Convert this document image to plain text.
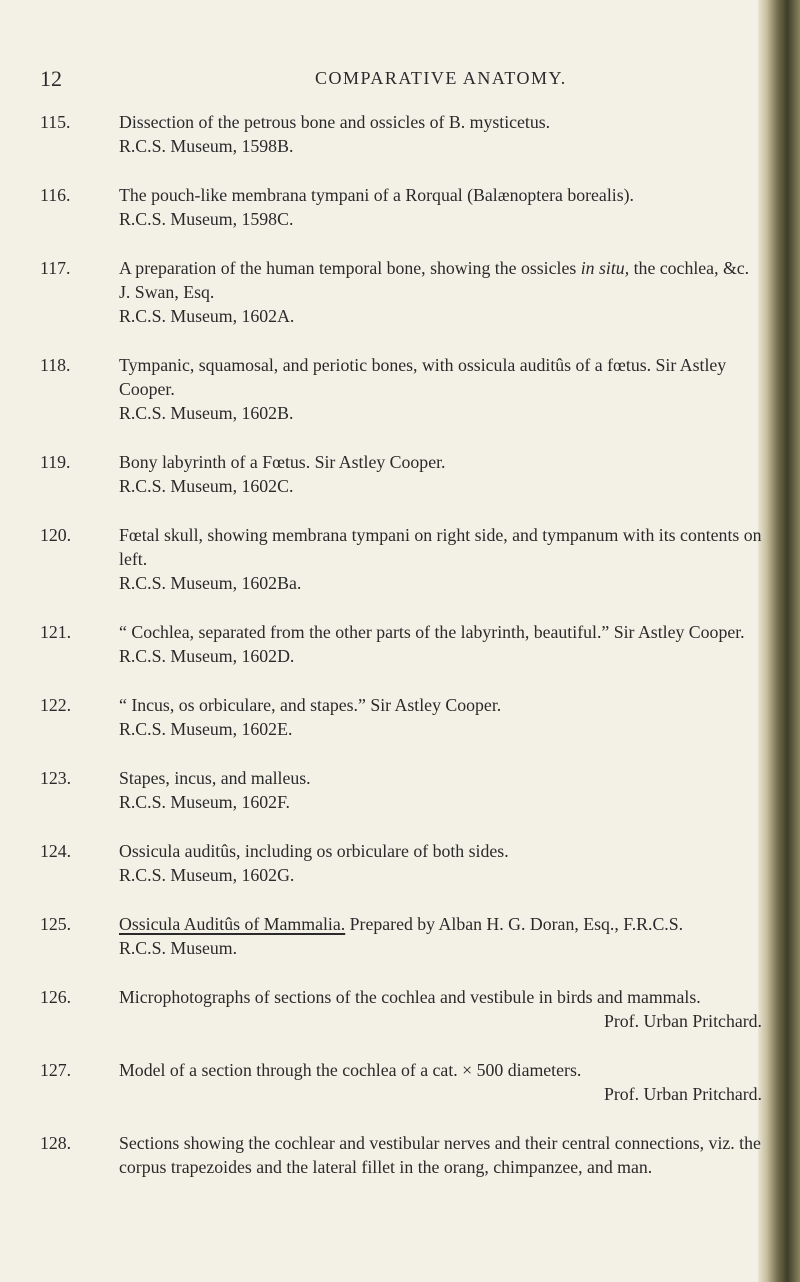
12	COMPARATIVE ANATOMY.
115.	Dissection of the petrous bone and ossicles of B. mysticetus.
R.C.S. Museum, 1598B.
116.	The pouch-like membrana tympani of a Rorqual (Balænoptera borealis).
R.C.S. Museum, 1598C.
117.	A preparation of the human temporal bone, showing the ossicles in situ, the cochlea, &c. J. Swan, Esq.
R.C.S. Museum, 1602A.
118.	Tympanic, squamosal, and periotic bones, with ossicula auditûs of a fœtus. Sir Astley Cooper.
R.C.S. Museum, 1602B.
119.	Bony labyrinth of a Fœtus. Sir Astley Cooper.
R.C.S. Museum, 1602C.
120.	Fœtal skull, showing membrana tympani on right side, and tympanum with its contents on left.
R.C.S. Museum, 1602Ba.
121.	“ Cochlea, separated from the other parts of the labyrinth, beautiful.” Sir Astley Cooper.
R.C.S. Museum, 1602D.
122.	“ Incus, os orbiculare, and stapes.” Sir Astley Cooper.
R.C.S. Museum, 1602E.
123.	Stapes, incus, and malleus.
R.C.S. Museum, 1602F.
124.	Ossicula auditûs, including os orbiculare of both sides.
R.C.S. Museum, 1602G.
125.	Ossicula Auditûs of Mammalia. Prepared by Alban H. G. Doran, Esq., F.R.C.S.
R.C.S. Museum.
126.	Microphotographs of sections of the cochlea and vestibule in birds and mammals.
Prof. Urban Pritchard.
127.	Model of a section through the cochlea of a cat. × 500 diameters.
Prof. Urban Pritchard.
128.	Sections showing the cochlear and vestibular nerves and their central connections, viz. the corpus trapezoides and the lateral fillet in the orang, chimpanzee, and man.
